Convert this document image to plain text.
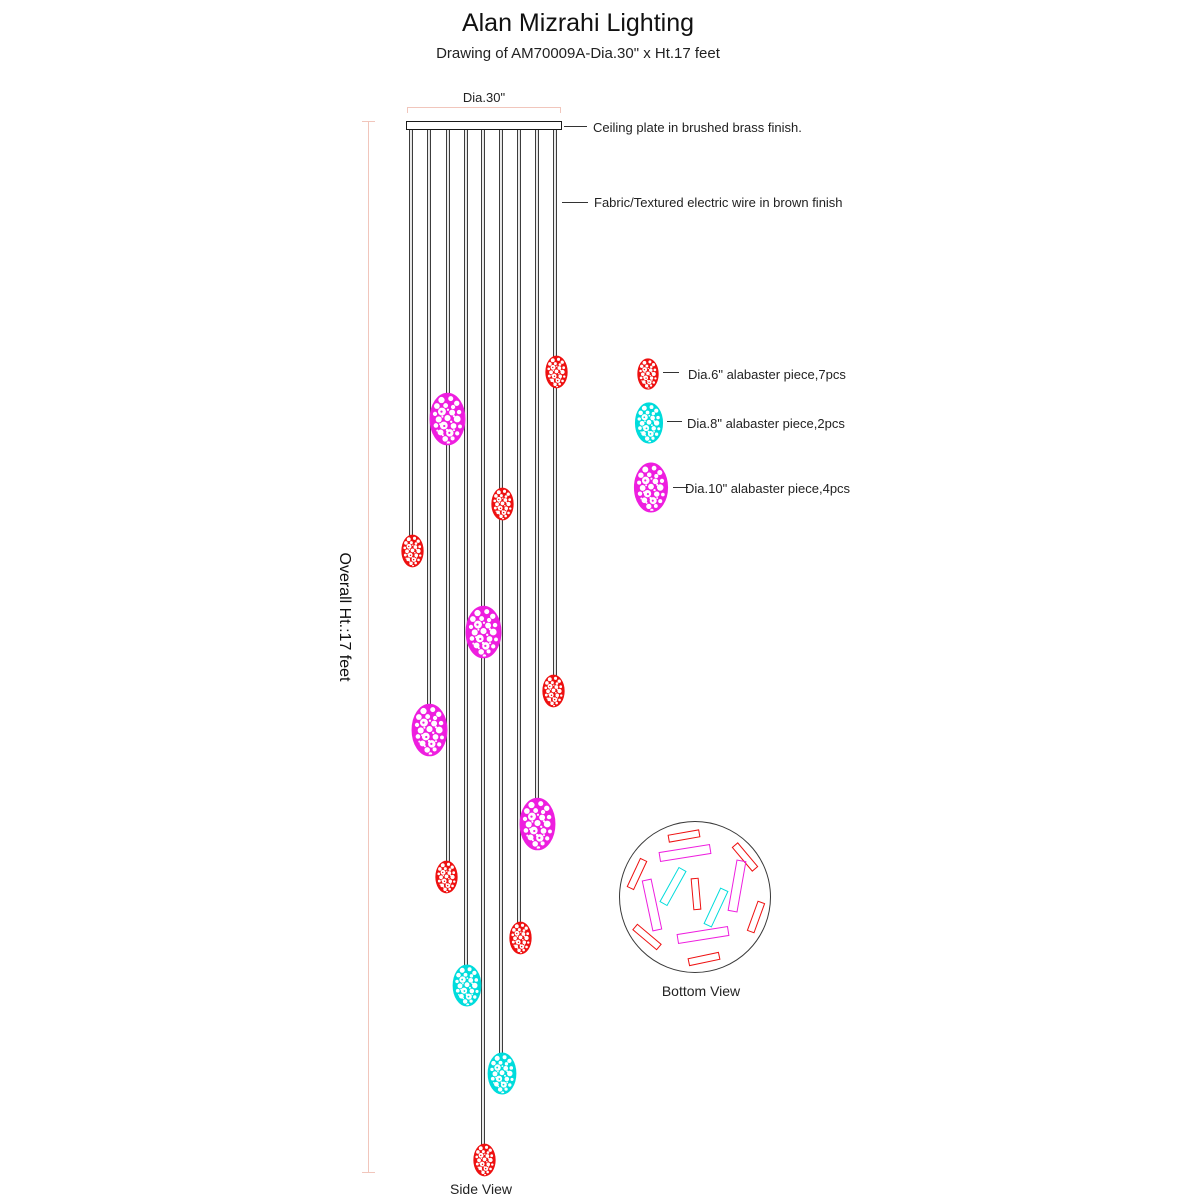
Alan Mizrahi Lighting
Drawing of AM70009A-Dia.30" x Ht.17 feet
Dia.30"
Overall Ht.:17 feet
Ceiling plate in brushed brass finish.
Fabric/Textured electric wire in brown finish
Dia.6" alabaster piece,7pcs
Dia.8" alabaster piece,2pcs
Dia.10" alabaster piece,4pcs
Bottom View
Side View
